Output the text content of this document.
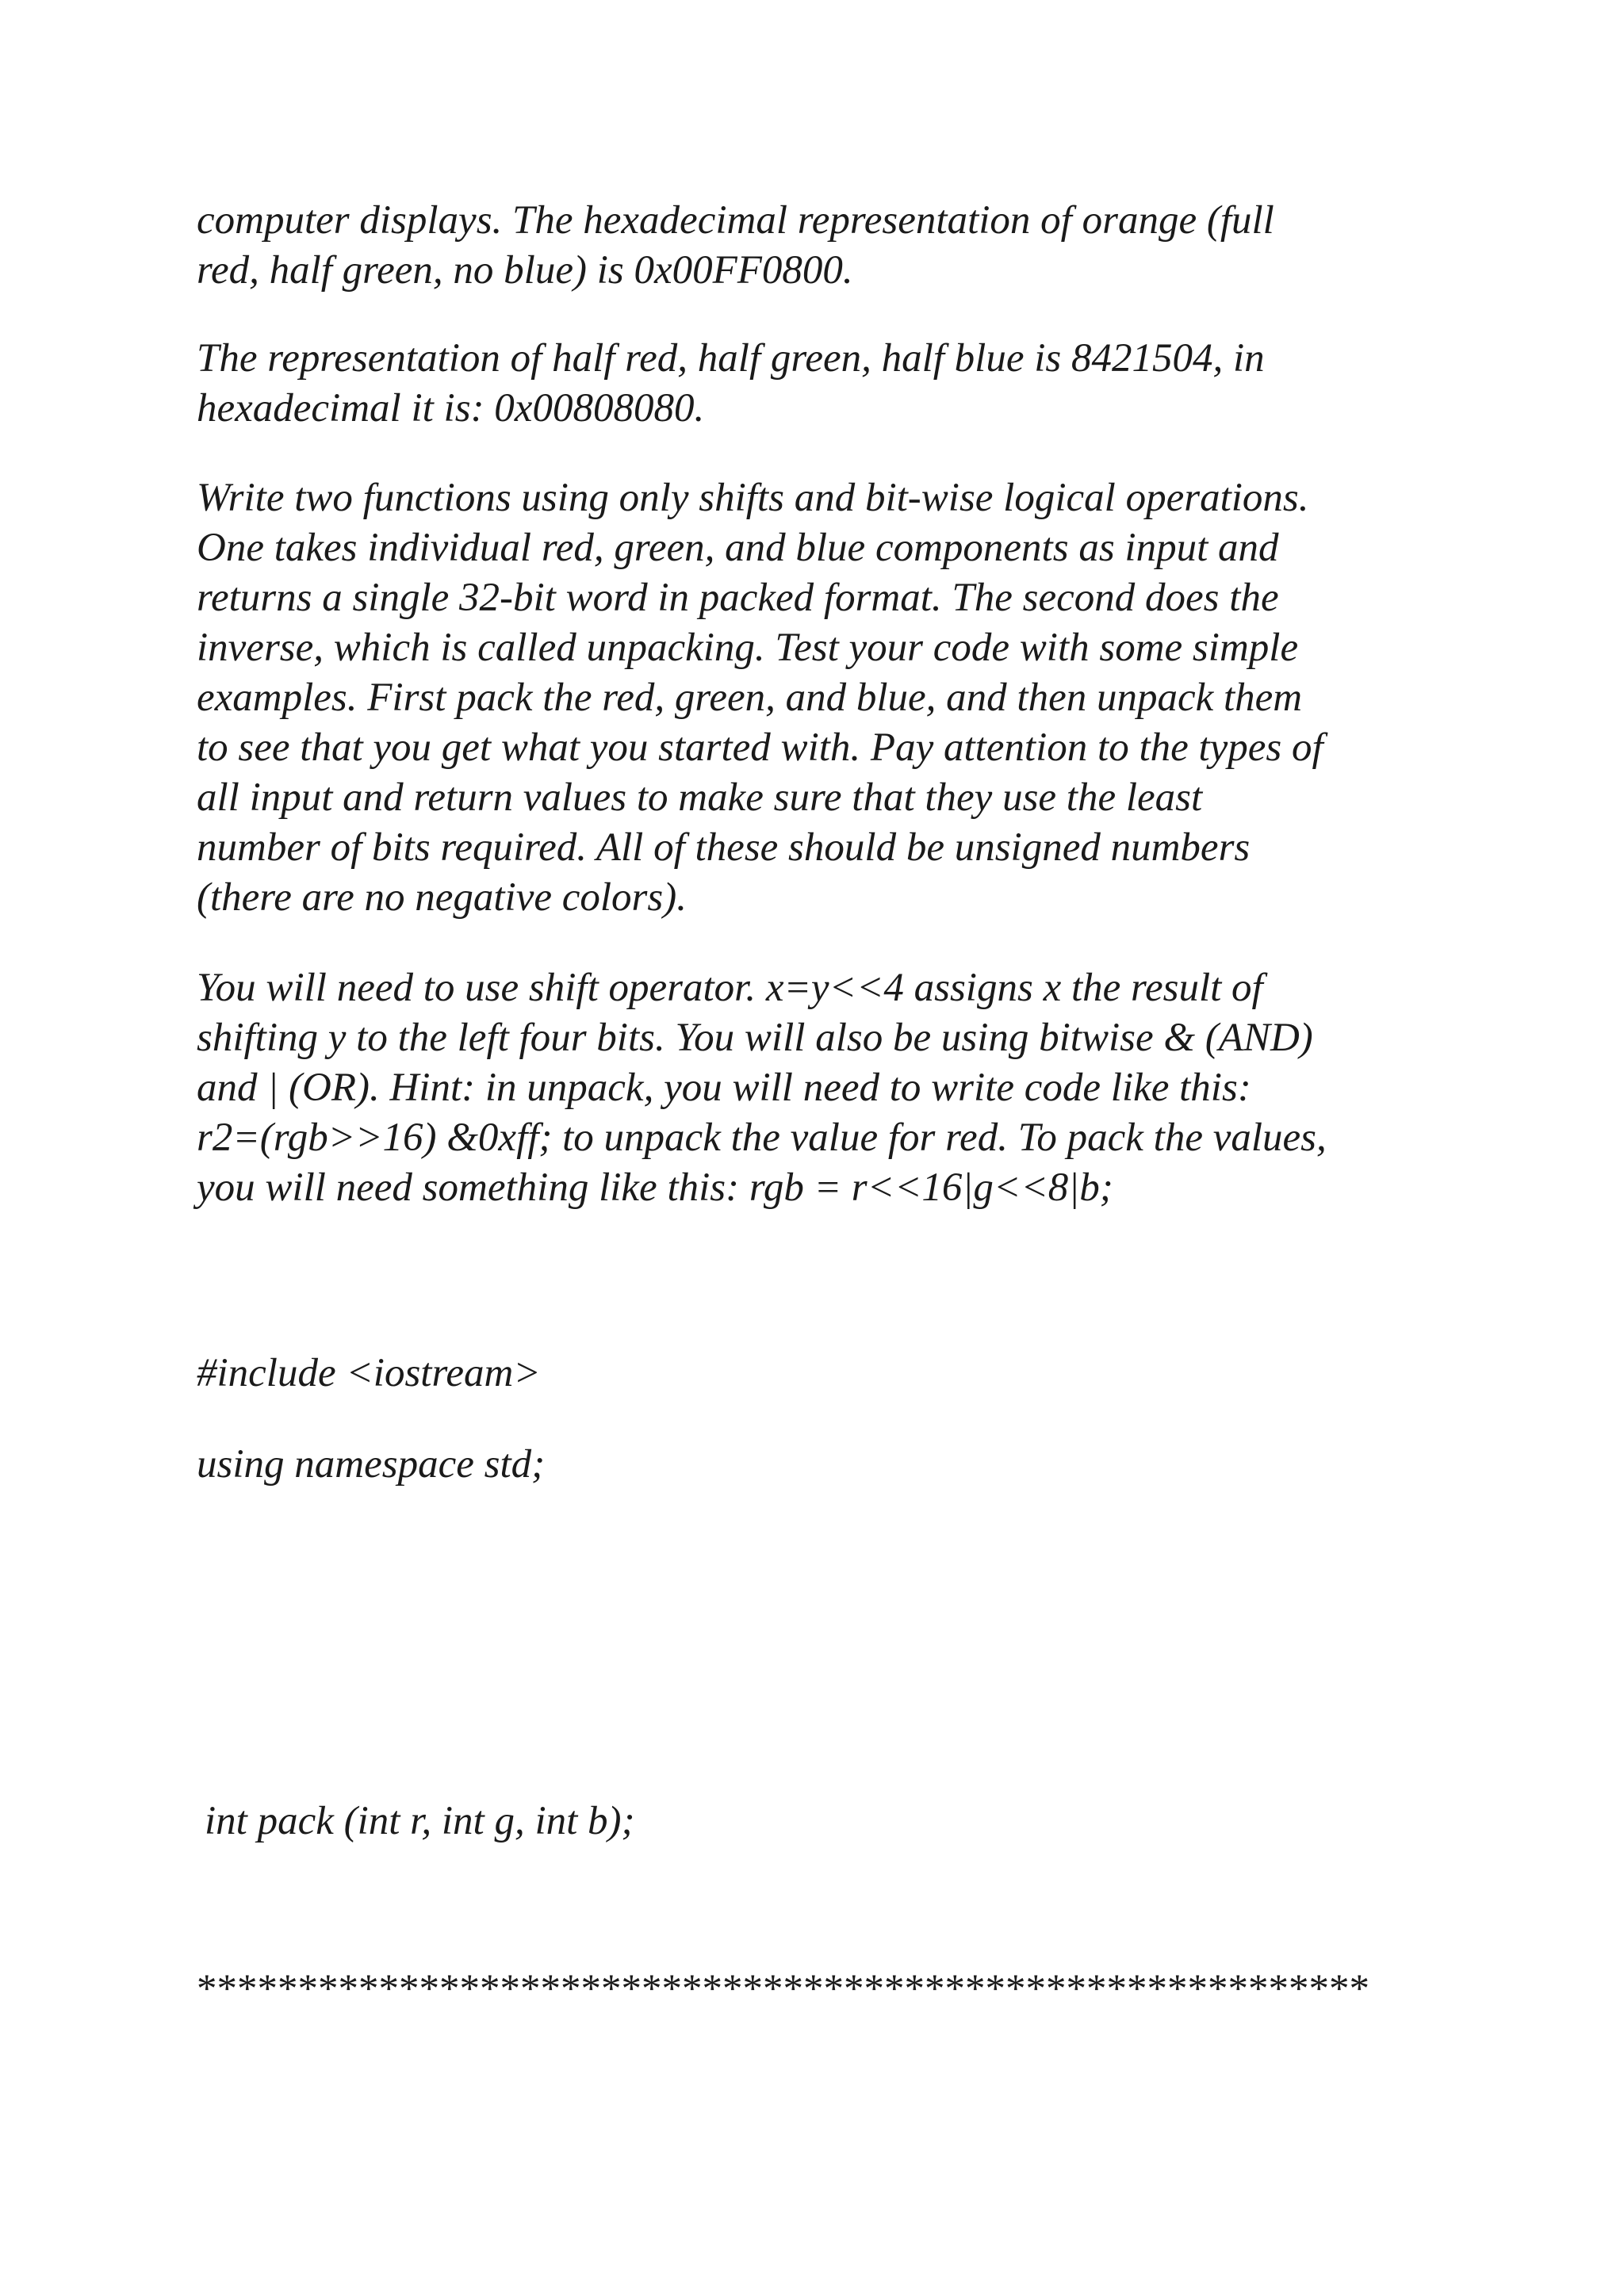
computer displays. The hexadecimal representation of orange (full
red, half green, no blue) is 0x00FF0800.
The representation of half red, half green, half blue is 8421504, in
hexadecimal it is: 0x00808080.
Write two functions using only shifts and bit-wise logical operations.
One takes individual red, green, and blue components as input and
returns a single 32-bit word in packed format. The second does the
inverse, which is called unpacking. Test your code with some simple
examples. First pack the red, green, and blue, and then unpack them
to see that you get what you started with. Pay attention to the types of
all input and return values to make sure that they use the least
number of bits required. All of these should be unsigned numbers
(there are no negative colors).
You will need to use shift operator. x=y<<4 assigns x the result of
shifting y to the left four bits. You will also be using bitwise & (AND)
and | (OR). Hint: in unpack, you will need to write code like this:
r2=(rgb>>16) &0xff; to unpack the value for red. To pack the values,
you will need something like this: rgb = r<<16|g<<8|b;
#include <iostream>
using namespace std;
int pack (int r, int g, int b);
**********************************************************
